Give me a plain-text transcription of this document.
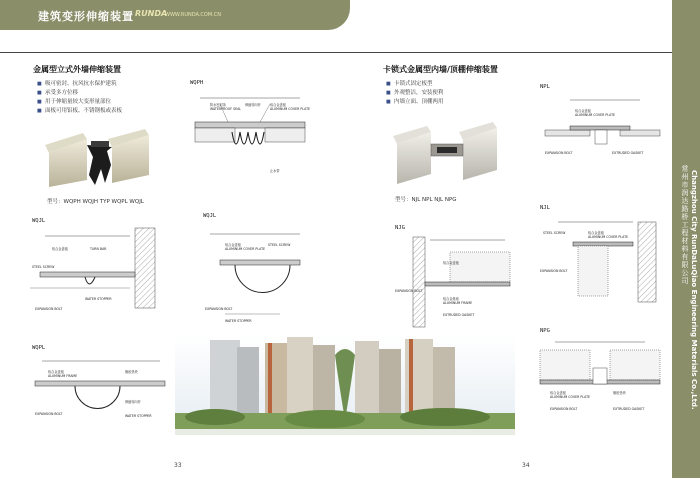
建筑变形伸缩装置 RUNDA
WWW.RUNDA.COM.CN
常州市润达路桥工程材料有限公司 Changzhou City RunDaLuQiao Engineering Materials Co.,Ltd.
金属型立式外墙伸缩装置
■ 吸可密封、抗风抗水保护建筑
■ 承受多方位移
■ 用于伸缩量较大变形量部位
■ 面板可用铝板、不锈钢板或表板
型号：WQPH WQJH TYP WQPL WQJL
WQPH
防水密封条
WATERPROOF SEAL
伸缩转向杆	铝合金盖板
ALUMINUM COVER PLATE
止水带
WQJL
铝合金盖板	TURN BAR
STEEL SCREW
WATER STOPPER
EXPANSION BOLT
WQJL
铝合金盖板
ALUMINUM COVER PLATE
STEEL SCREW
EXPANSION BOLT
WATER STOPPER
WQPL
铝合金盖板
ALUMINUM FRAME
橡胶垫块
伸缩转向杆
EXPANSION BOLT	WATER STOPPER
33
卡锁式金属型内墙/顶棚伸缩装置
■ 卡锁式固定板型
■ 外观整洁，安装便利
■ 内墙立面、顶棚两用
型号：NJL NPL NJL NPG
NPL
铝合金盖板
ALUMINUM COVER PLATE
EXPANSION BOLT	EXTRUDED GASKET
NJL
STEEL SCREW	铝合金盖板
ALUMINUM COVER PLATE
EXPANSION BOLT
NJG
铝合金盖板
EXPANSION BOLT
铝合金基座
ALUMINUM FRAME
EXTRUDED GASKET
NPG
铝合金盖板
ALUMINUM COVER PLATE
橡胶垫块
EXPANSION BOLT	EXTRUDED GASKET
34
